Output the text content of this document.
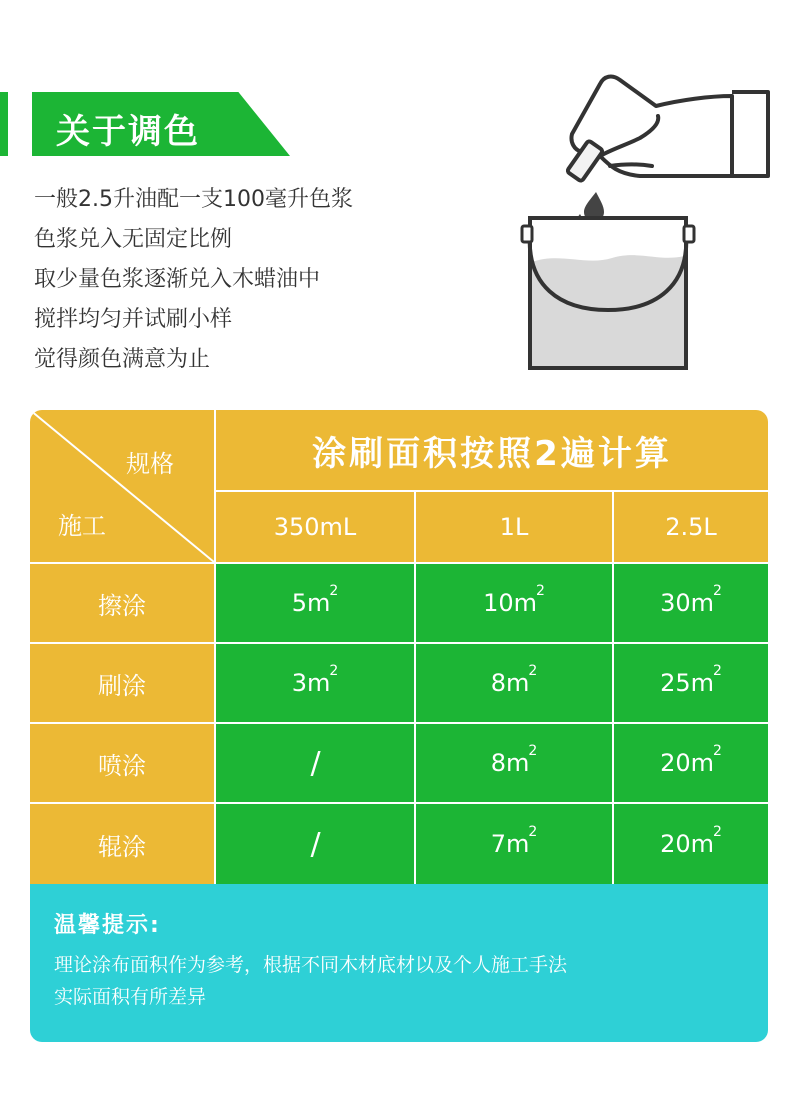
关于调色
一般2.5升油配一支100毫升色浆
色浆兑入无固定比例
取少量色浆逐渐兑入木蜡油中
搅拌均匀并试刷小样
觉得颜色满意为止
规格
施工
涂刷面积按照2遍计算
350mL	1L	2.5L
擦涂	5m 2	10m 2	30m 2
刷涂	3m 2	8m 2	25m 2
喷涂	/	8m 2	20m 2
辊涂	/	7m 2	20m 2
温馨提示:
理论涂布面积作为参考，根据不同木材底材以及个人施工手法
实际面积有所差异
